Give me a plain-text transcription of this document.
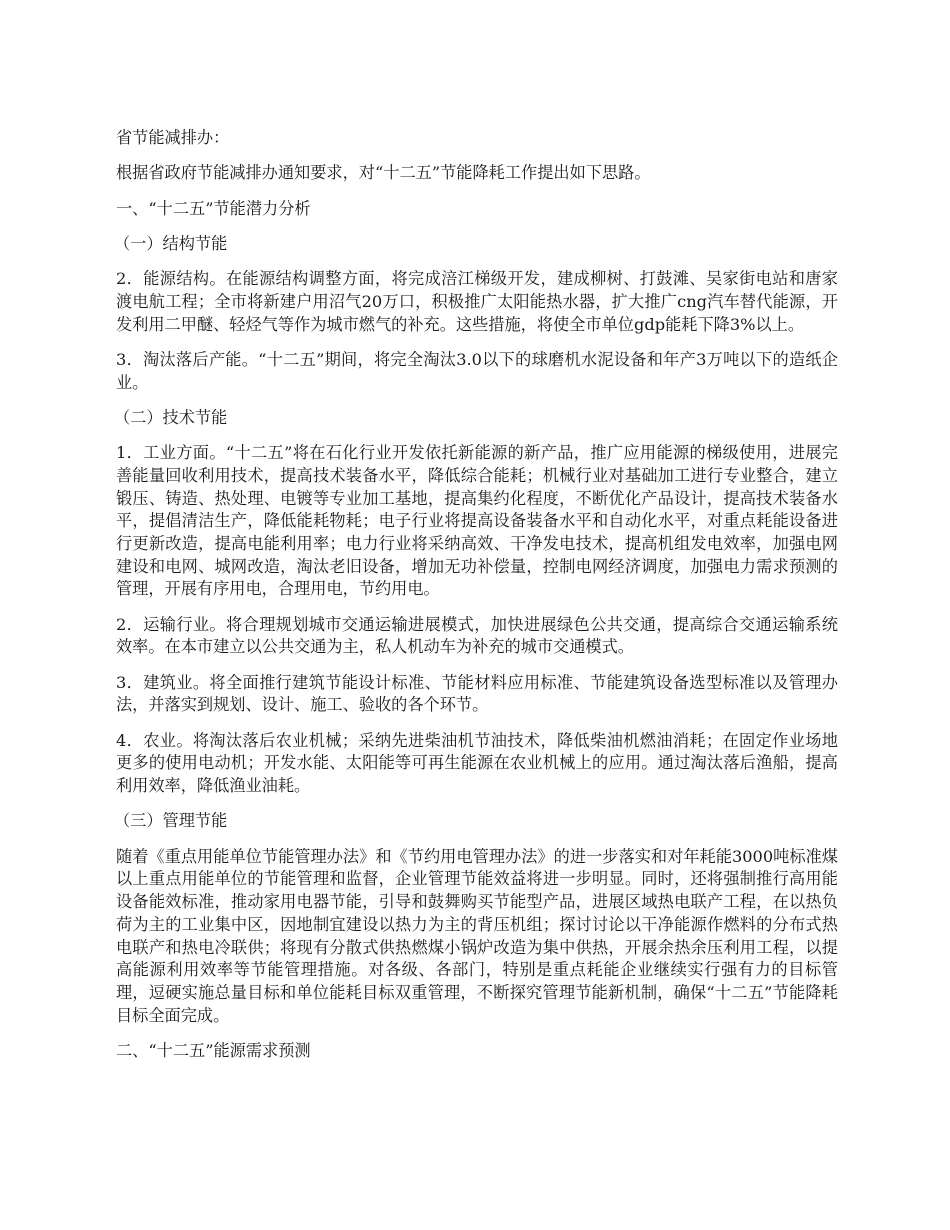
省节能减排办：

根据省政府节能减排办通知要求，对“十二五”节能降耗工作提出如下思路。

一、“十二五”节能潜力分析

（一）结构节能

2．能源结构。在能源结构调整方面，将完成涪江梯级开发，建成柳树、打鼓滩、吴家街电站和唐家渡电航工程；全市将新建户用沼气20万口，积极推广太阳能热水器，扩大推广cng汽车替代能源，开发利用二甲醚、轻烃气等作为城市燃气的补充。这些措施，将使全市单位gdp能耗下降3%以上。

3．淘汰落后产能。“十二五”期间，将完全淘汰3.0以下的球磨机水泥设备和年产3万吨以下的造纸企业。

（二）技术节能

1．工业方面。“十二五”将在石化行业开发依托新能源的新产品，推广应用能源的梯级使用，进展完善能量回收利用技术，提高技术装备水平，降低综合能耗；机械行业对基础加工进行专业整合，建立锻压、铸造、热处理、电镀等专业加工基地，提高集约化程度，不断优化产品设计，提高技术装备水平，提倡清洁生产，降低能耗物耗；电子行业将提高设备装备水平和自动化水平，对重点耗能设备进行更新改造，提高电能利用率；电力行业将采纳高效、干净发电技术，提高机组发电效率，加强电网建设和电网、城网改造，淘汰老旧设备，增加无功补偿量，控制电网经济调度，加强电力需求预测的管理，开展有序用电，合理用电，节约用电。

2．运输行业。将合理规划城市交通运输进展模式，加快进展绿色公共交通，提高综合交通运输系统效率。在本市建立以公共交通为主，私人机动车为补充的城市交通模式。

3．建筑业。将全面推行建筑节能设计标准、节能材料应用标准、节能建筑设备选型标准以及管理办法，并落实到规划、设计、施工、验收的各个环节。

4．农业。将淘汰落后农业机械；采纳先进柴油机节油技术，降低柴油机燃油消耗；在固定作业场地更多的使用电动机；开发水能、太阳能等可再生能源在农业机械上的应用。通过淘汰落后渔船，提高利用效率，降低渔业油耗。

（三）管理节能

随着《重点用能单位节能管理办法》和《节约用电管理办法》的进一步落实和对年耗能3000吨标准煤以上重点用能单位的节能管理和监督，企业管理节能效益将进一步明显。同时，还将强制推行高用能设备能效标准，推动家用电器节能，引导和鼓舞购买节能型产品，进展区域热电联产工程，在以热负荷为主的工业集中区，因地制宜建设以热力为主的背压机组；探讨讨论以干净能源作燃料的分布式热电联产和热电冷联供；将现有分散式供热燃煤小锅炉改造为集中供热，开展余热余压利用工程，以提高能源利用效率等节能管理措施。对各级、各部门，特别是重点耗能企业继续实行强有力的目标管理，逗硬实施总量目标和单位能耗目标双重管理，不断探究管理节能新机制，确保“十二五”节能降耗目标全面完成。

二、“十二五”能源需求预测
